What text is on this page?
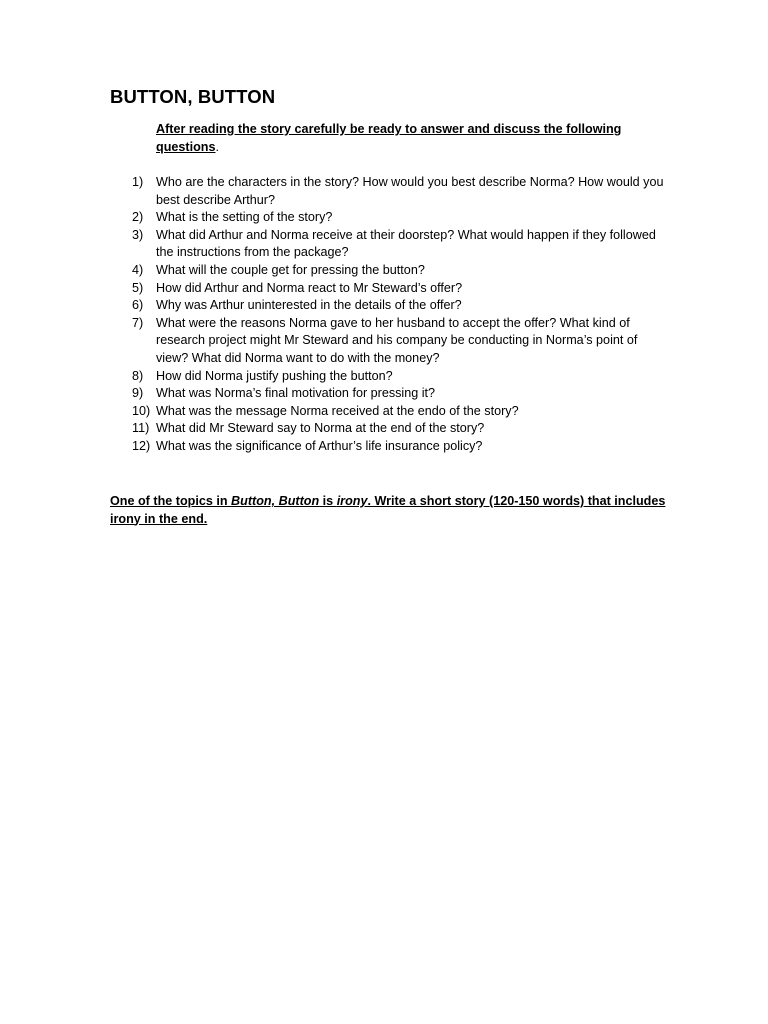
BUTTON, BUTTON

After reading the story carefully be ready to answer and discuss the following questions.

1) Who are the characters in the story? How would you best describe Norma? How would you best describe Arthur?
2) What is the setting of the story?
3) What did Arthur and Norma receive at their doorstep? What would happen if they followed the instructions from the package?
4) What will the couple get for pressing the button?
5) How did Arthur and Norma react to Mr Steward’s offer?
6) Why was Arthur uninterested in the details of the offer?
7) What were the reasons Norma gave to her husband to accept the offer? What kind of research project might Mr Steward and his company be conducting in Norma’s point of view? What did Norma want to do with the money?
8) How did Norma justify pushing the button?
9) What was Norma’s final motivation for pressing it?
10) What was the message Norma received at the endo of the story?
11) What did Mr Steward say to Norma at the end of the story?
12) What was the significance of Arthur’s life insurance policy?

One of the topics in Button, Button is irony. Write a short story (120-150 words) that includes irony in the end.
